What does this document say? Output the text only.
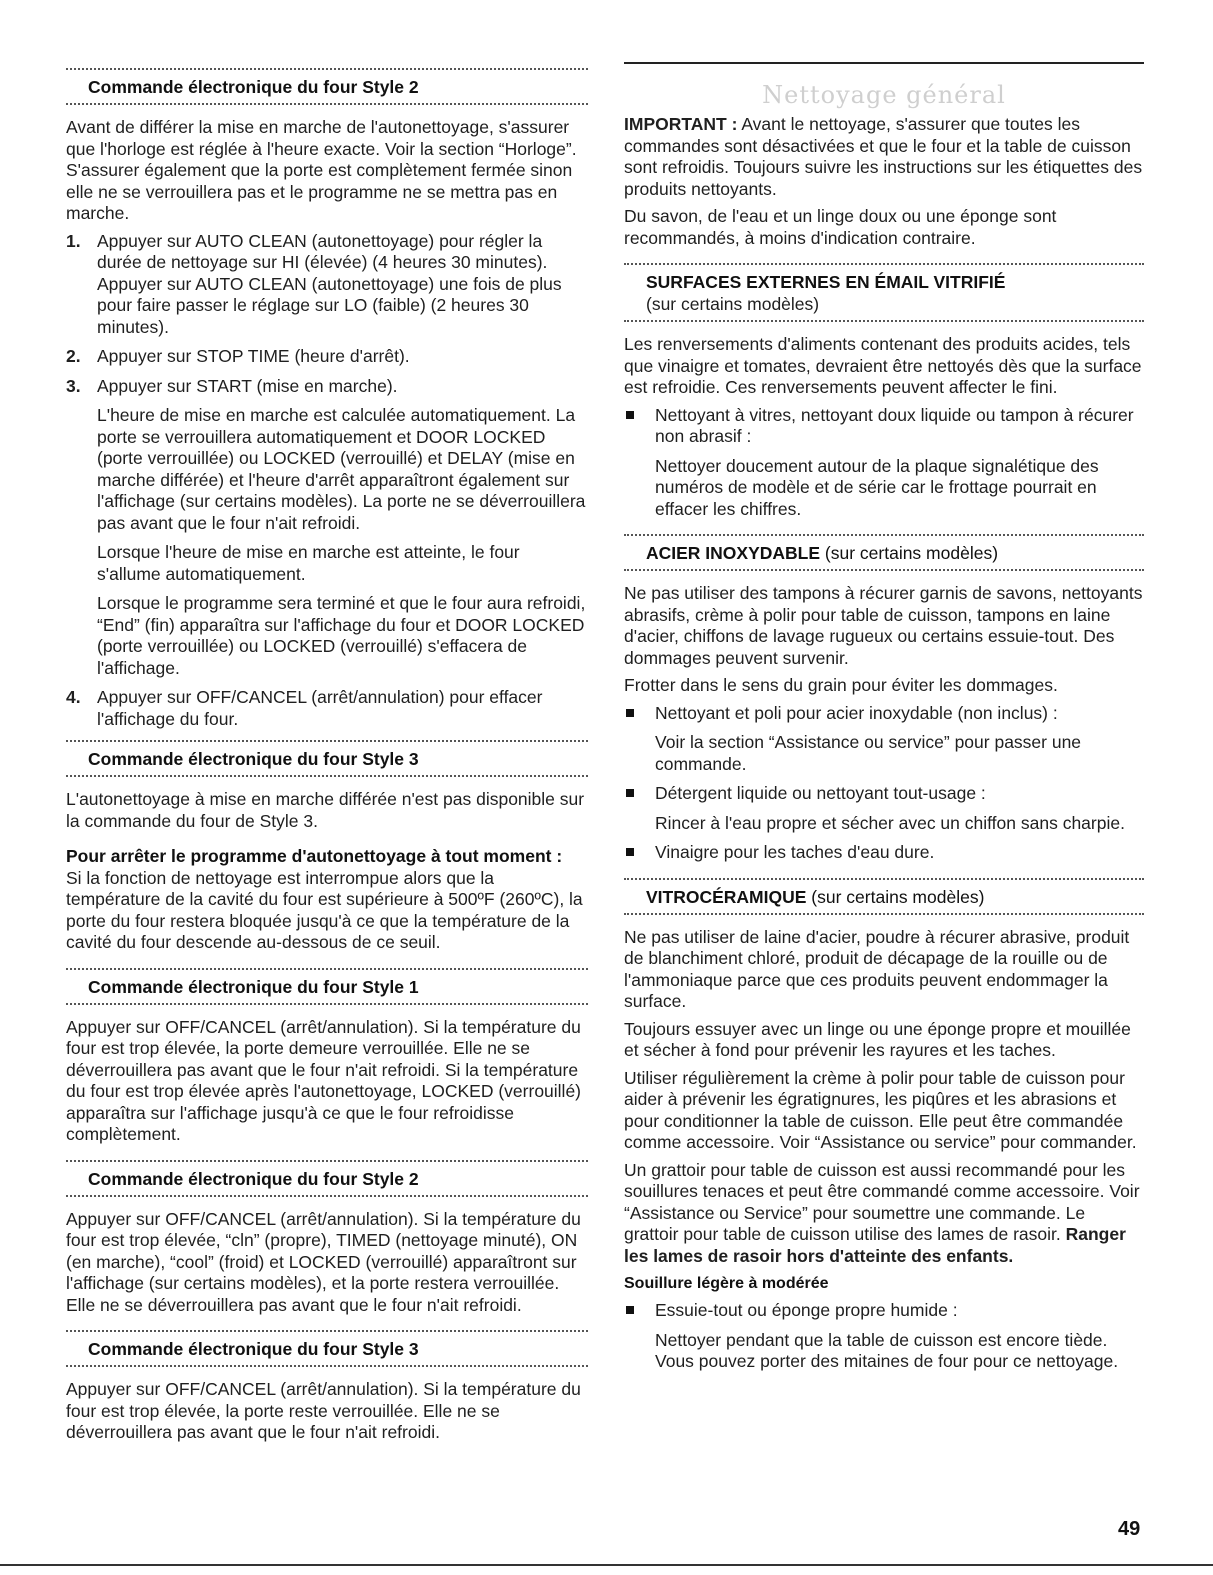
Commande électronique du four Style 2

Avant de différer la mise en marche de l'autonettoyage, s'assurer que l'horloge est réglée à l'heure exacte. Voir la section “Horloge”. S'assurer également que la porte est complètement fermée sinon elle ne se verrouillera pas et le programme ne se mettra pas en marche.

1. Appuyer sur AUTO CLEAN (autonettoyage) pour régler la durée de nettoyage sur HI (élevée) (4 heures 30 minutes). Appuyer sur AUTO CLEAN (autonettoyage) une fois de plus pour faire passer le réglage sur LO (faible) (2 heures 30 minutes).

2. Appuyer sur STOP TIME (heure d'arrêt).

3. Appuyer sur START (mise en marche).

L'heure de mise en marche est calculée automatiquement. La porte se verrouillera automatiquement et DOOR LOCKED (porte verrouillée) ou LOCKED (verrouillé) et DELAY (mise en marche différée) et l'heure d'arrêt apparaîtront également sur l'affichage (sur certains modèles). La porte ne se déverrouillera pas avant que le four n'ait refroidi.

Lorsque l'heure de mise en marche est atteinte, le four s'allume automatiquement.

Lorsque le programme sera terminé et que le four aura refroidi, “End” (fin) apparaîtra sur l'affichage du four et DOOR LOCKED (porte verrouillée) ou LOCKED (verrouillé) s'effacera de l'affichage.

4. Appuyer sur OFF/CANCEL (arrêt/annulation) pour effacer l'affichage du four.

Commande électronique du four Style 3

L'autonettoyage à mise en marche différée n'est pas disponible sur la commande du four de Style 3.

Pour arrêter le programme d'autonettoyage à tout moment :

Si la fonction de nettoyage est interrompue alors que la température de la cavité du four est supérieure à 500ºF (260ºC), la porte du four restera bloquée jusqu'à ce que la température de la cavité du four descende au-dessous de ce seuil.

Commande électronique du four Style 1

Appuyer sur OFF/CANCEL (arrêt/annulation). Si la température du four est trop élevée, la porte demeure verrouillée. Elle ne se déverrouillera pas avant que le four n'ait refroidi. Si la température du four est trop élevée après l'autonettoyage, LOCKED (verrouillé) apparaîtra sur l'affichage jusqu'à ce que le four refroidisse complètement.

Commande électronique du four Style 2

Appuyer sur OFF/CANCEL (arrêt/annulation). Si la température du four est trop élevée, “cln” (propre), TIMED (nettoyage minuté), ON (en marche), “cool” (froid) et LOCKED (verrouillé) apparaîtront sur l'affichage (sur certains modèles), et la porte restera verrouillée. Elle ne se déverrouillera pas avant que le four n'ait refroidi.

Commande électronique du four Style 3

Appuyer sur OFF/CANCEL (arrêt/annulation). Si la température du four est trop élevée, la porte reste verrouillée. Elle ne se déverrouillera pas avant que le four n'ait refroidi.

Nettoyage général

IMPORTANT : Avant le nettoyage, s'assurer que toutes les commandes sont désactivées et que le four et la table de cuisson sont refroidis. Toujours suivre les instructions sur les étiquettes des produits nettoyants.

Du savon, de l'eau et un linge doux ou une éponge sont recommandés, à moins d'indication contraire.

SURFACES EXTERNES EN ÉMAIL VITRIFIÉ
(sur certains modèles)

Les renversements d'aliments contenant des produits acides, tels que vinaigre et tomates, devraient être nettoyés dès que la surface est refroidie. Ces renversements peuvent affecter le fini.

Nettoyant à vitres, nettoyant doux liquide ou tampon à récurer non abrasif :

Nettoyer doucement autour de la plaque signalétique des numéros de modèle et de série car le frottage pourrait en effacer les chiffres.

ACIER INOXYDABLE (sur certains modèles)

Ne pas utiliser des tampons à récurer garnis de savons, nettoyants abrasifs, crème à polir pour table de cuisson, tampons en laine d'acier, chiffons de lavage rugueux ou certains essuie-tout. Des dommages peuvent survenir.

Frotter dans le sens du grain pour éviter les dommages.

Nettoyant et poli pour acier inoxydable (non inclus) :

Voir la section “Assistance ou service” pour passer une commande.

Détergent liquide ou nettoyant tout-usage :

Rincer à l'eau propre et sécher avec un chiffon sans charpie.

Vinaigre pour les taches d'eau dure.

VITROCÉRAMIQUE (sur certains modèles)

Ne pas utiliser de laine d'acier, poudre à récurer abrasive, produit de blanchiment chloré, produit de décapage de la rouille ou de l'ammoniaque parce que ces produits peuvent endommager la surface.

Toujours essuyer avec un linge ou une éponge propre et mouillée et sécher à fond pour prévenir les rayures et les taches.

Utiliser régulièrement la crème à polir pour table de cuisson pour aider à prévenir les égratignures, les piqûres et les abrasions et pour conditionner la table de cuisson. Elle peut être commandée comme accessoire. Voir “Assistance ou service” pour commander.

Un grattoir pour table de cuisson est aussi recommandé pour les souillures tenaces et peut être commandé comme accessoire. Voir “Assistance ou Service” pour soumettre une commande. Le grattoir pour table de cuisson utilise des lames de rasoir. Ranger les lames de rasoir hors d'atteinte des enfants.

Souillure légère à modérée

Essuie-tout ou éponge propre humide :

Nettoyer pendant que la table de cuisson est encore tiède. Vous pouvez porter des mitaines de four pour ce nettoyage.

49
